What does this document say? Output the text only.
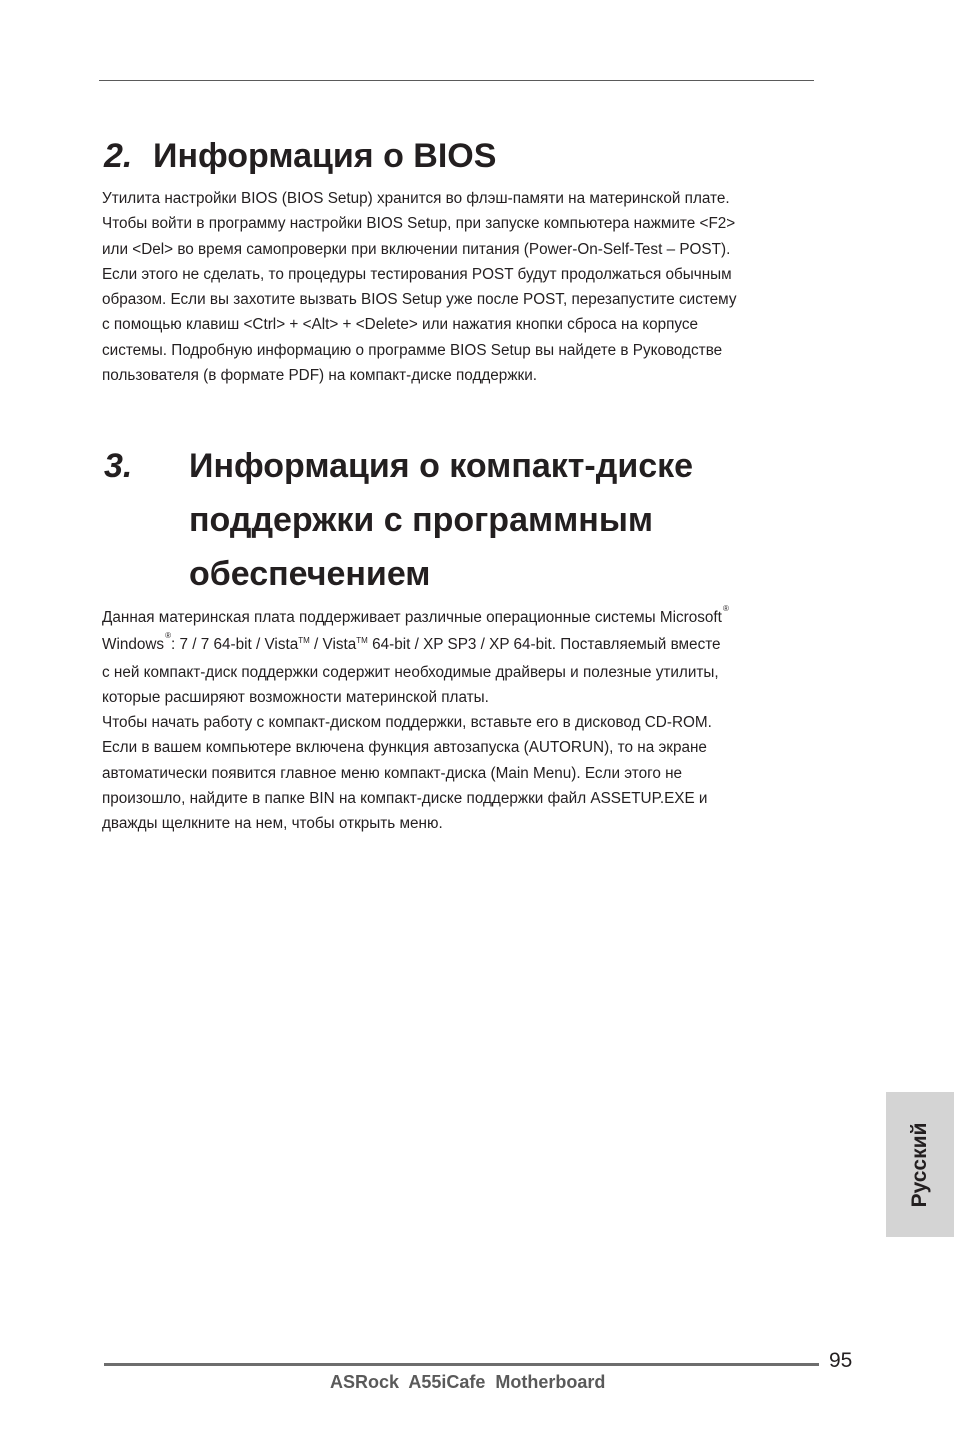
2. Информация о BIOS
Утилита настройки BIOS (BIOS Setup) хранится во флэш-памяти на материнской плате.
Чтобы войти в программу настройки BIOS Setup, при запуске компьютера нажмите <F2>
или <Del> во время самопроверки при включении питания (Power-On-Self-Test – POST).
Если этого не сделать, то процедуры тестирования POST будут продолжаться обычным
образом. Если вы захотите вызвать BIOS Setup уже после POST, перезапустите систему
с помощью клавиш <Ctrl> + <Alt> + <Delete> или нажатия кнопки сброса на корпусе
системы. Подробную информацию о программе BIOS Setup вы найдете в Руководстве
пользователя (в формате PDF) на компакт-диске поддержки.
3. Информация о компакт-диске
поддержки с программным
обеспечением
Данная материнская плата поддерживает различные операционные системы Microsoft®
Windows®: 7 / 7 64-bit / Vista™ / Vista™ 64-bit / XP SP3 / XP 64-bit. Поставляемый вместе
с ней компакт-диск поддержки содержит необходимые драйверы и полезные утилиты,
которые расширяют возможности материнской платы.
Чтобы начать работу с компакт-диском поддержки, вставьте его в дисковод CD-ROM.
Если в вашем компьютере включена функция автозапуска (AUTORUN), то на экране
автоматически появится главное меню компакт-диска (Main Menu). Если этого не
произошло, найдите в папке BIN на компакт-диске поддержки файл ASSETUP.EXE и
дважды щелкните на нем, чтобы открыть меню.
Русский
95
ASRock  A55iCafe  Motherboard
